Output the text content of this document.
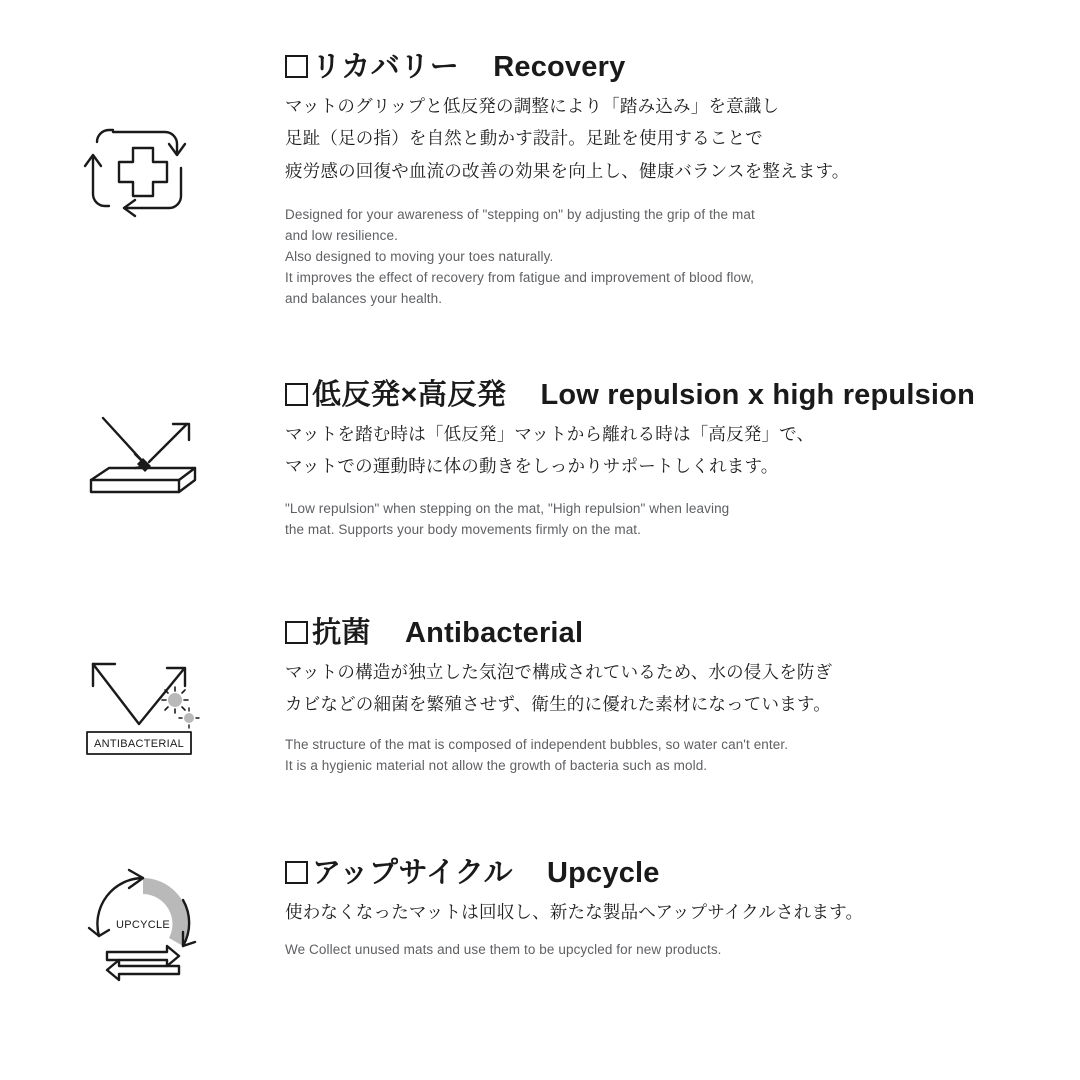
リカバリー Recovery
マットのグリップと低反発の調整により「踏み込み」を意識し
足趾（足の指）を自然と動かす設計。足趾を使用することで
疲労感の回復や血流の改善の効果を向上し、健康バランスを整えます。
Designed for your awareness of "stepping on" by adjusting the grip of the mat
and low resilience.
Also designed to moving your toes naturally.
It improves the effect of recovery from fatigue and improvement of blood flow,
and balances your health.
低反発×高反発 Low repulsion x high repulsion
マットを踏む時は「低反発」マットから離れる時は「高反発」で、
マットでの運動時に体の動きをしっかりサポートしくれます。
"Low repulsion" when stepping on the mat, "High repulsion" when leaving
the mat. Supports your body movements firmly on the mat.
ANTIBACTERIAL
抗菌 Antibacterial
マットの構造が独立した気泡で構成されているため、水の侵入を防ぎ
カビなどの細菌を繁殖させず、衛生的に優れた素材になっています。
The structure of the mat is composed of independent bubbles, so water can't enter.
It is a hygienic material not allow the growth of bacteria such as mold.
UPCYCLE
アップサイクル Upcycle
使わなくなったマットは回収し、新たな製品へアップサイクルされます。
We Collect unused mats and use them to be upcycled for new products.
